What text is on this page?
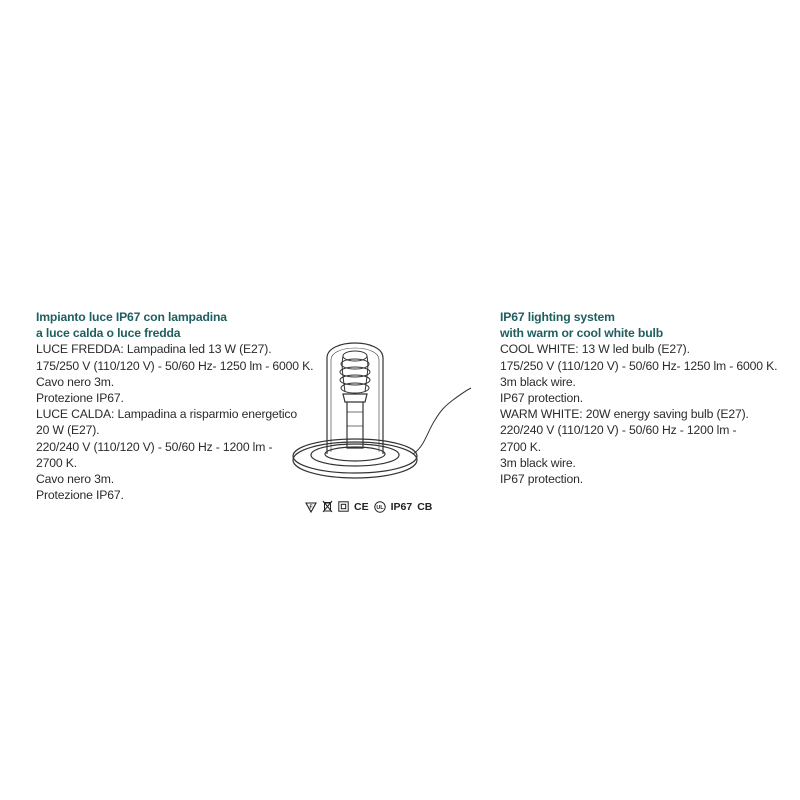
Impianto luce IP67 con lampadina
a luce calda o luce fredda
LUCE FREDDA: Lampadina led 13 W (E27).
175/250 V (110/120 V) - 50/60 Hz- 1250 lm - 6000 K.
Cavo nero 3m.
Protezione IP67.
LUCE CALDA: Lampadina a risparmio energetico
20 W (E27).
220/240 V (110/120 V) - 50/60 Hz - 1200 lm -
2700 K.
Cavo nero 3m.
Protezione IP67.
F	CE UL IP67 CB
IP67 lighting system
with warm or cool white bulb
COOL WHITE: 13 W led bulb (E27).
175/250 V (110/120 V) - 50/60 Hz- 1250 lm - 6000 K.
3m black wire.
IP67 protection.
WARM WHITE: 20W energy saving bulb (E27).
220/240 V (110/120 V) - 50/60 Hz - 1200 lm -
2700 K.
3m black wire.
IP67 protection.
